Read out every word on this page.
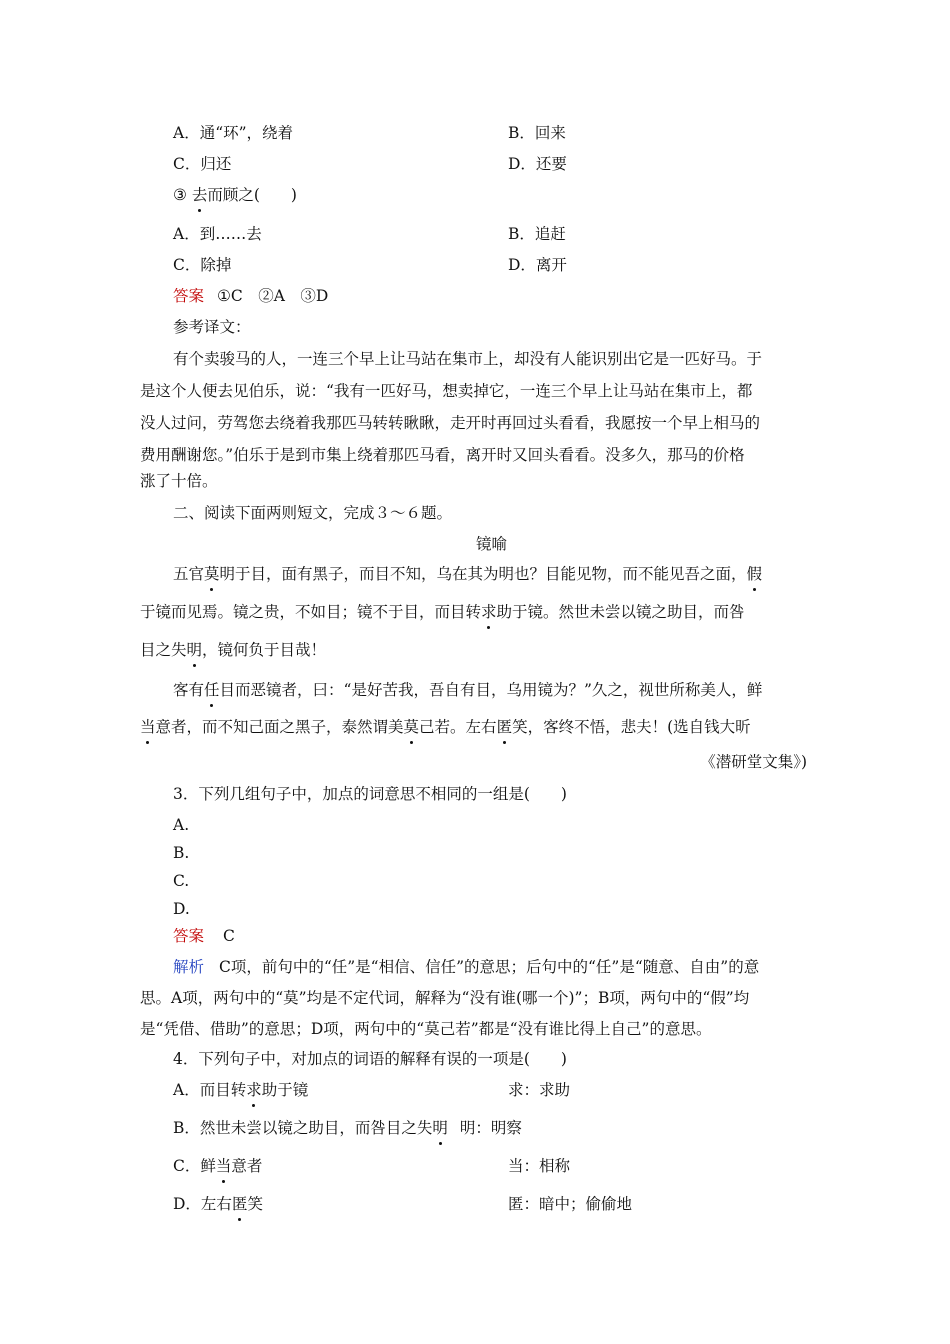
A．通“环”，绕着	B．回来
C．归还	D．还要
③ 去而顾之(　　)
A．到……去	B．追赶
C．除掉	D．离开
答案 ①C　②A　③D
参考译文：
有个卖骏马的人，一连三个早上让马站在集市上，却没有人能识别出它是一匹好马。于
是这个人便去见伯乐，说：“我有一匹好马，想卖掉它，一连三个早上让马站在集市上，都
没人过问，劳驾您去绕着我那匹马转转瞅瞅，走开时再回过头看看，我愿按一个早上相马的
费用酬谢您。”伯乐于是到市集上绕着那匹马看，离开时又回头看看。没多久，那马的价格
涨了十倍。
二、阅读下面两则短文，完成３～６题。
镜喻
五官莫明于目，面有黑子，而目不知，乌在其为明也？目能见物，而不能见吾之面，假
于镜而见焉。镜之贵，不如目；镜不于目，而目转求助于镜。然世未尝以镜之助目，而咎
目之失明，镜何负于目哉！
客有任目而恶镜者，曰：“是好苦我，吾自有目，乌用镜为？”久之，视世所称美人，鲜
当意者，而不知己面之黑子，泰然谓美莫己若。左右匿笑，客终不悟，悲夫！(选自钱大昕
《潜研堂文集》)
3．下列几组句子中，加点的词意思不相同的一组是(　　)
A.
B.
C.
D.
答案 C
解析 C项，前句中的“任”是“相信、信任”的意思；后句中的“任”是“随意、自由”的意
思。A项，两句中的“莫”均是不定代词，解释为“没有谁(哪一个)”；B项，两句中的“假”均
是“凭借、借助”的意思；D项，两句中的“莫己若”都是“没有谁比得上自己”的意思。
4．下列句子中，对加点的词语的解释有误的一项是(　　)
A．而目转求助于镜	求：求助
B．然世未尝以镜之助目，而咎目之失明 明：明察
C．鲜当意者	当：相称
D．左右匿笑	匿：暗中；偷偷地
